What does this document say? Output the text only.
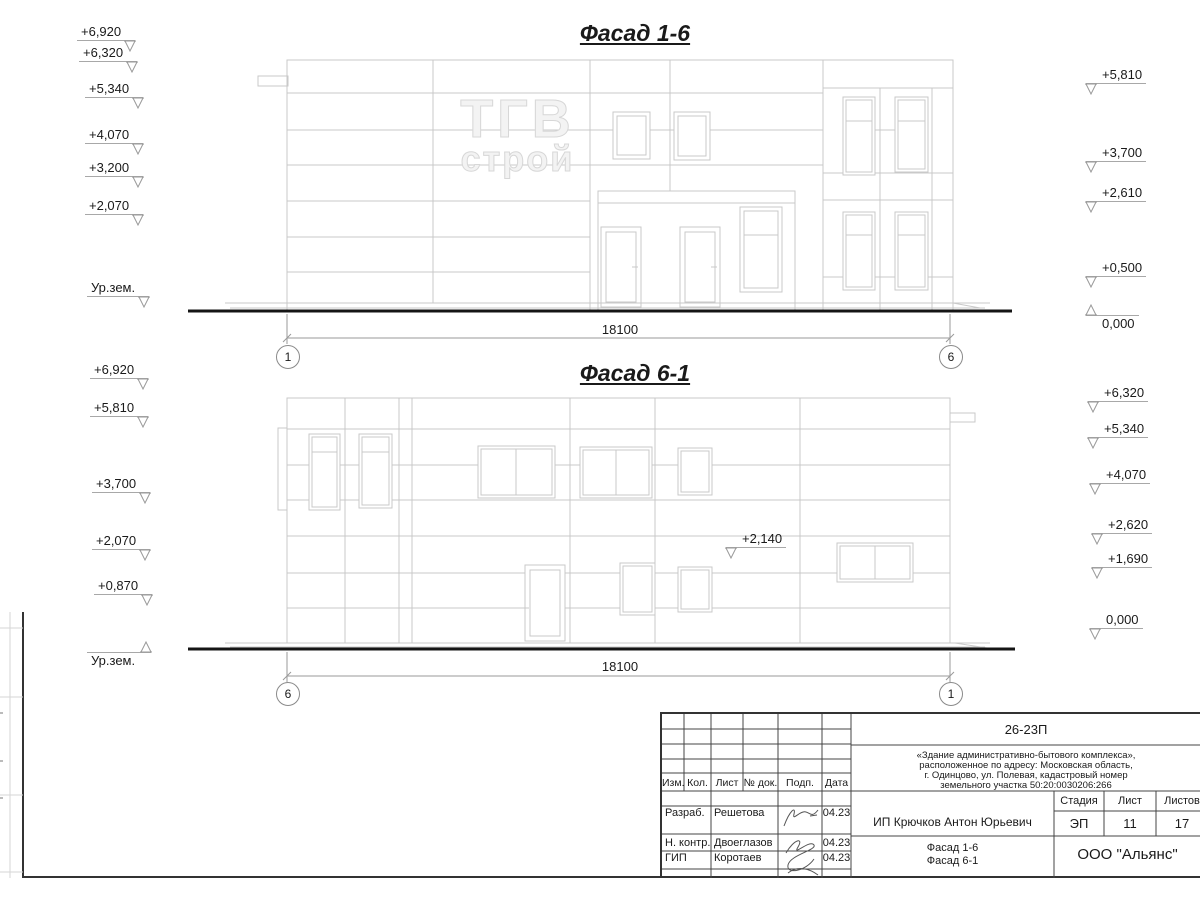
Фасад 1-6
ТГВ
строй
18100
1	6
+6,920
+6,320
+5,340
+4,070
+3,200
+2,070
Ур.зем.
+5,810
+3,700
+2,610
+0,500
0,000
Фасад 6-1
18100
6	1
+2,140
+6,920
+5,810
+3,700
+2,070
+0,870
Ур.зем.
+6,320
+5,340
+4,070
+2,620
+1,690
0,000
Изм. Кол. Лист № док. Подп.	Дата
Разраб. Решетова	04.23
Н. контр. Двоеглазов	04.23
ГИП Коротаев	04.23
26-23П
«Здание административно-бытового комплекса»,
расположенное по адресу: Московская область,
г. Одинцово, ул. Полевая, кадастровый номер
земельного участка 50:20:0030206:266
ИП Крючков Антон Юрьевич
Стадия	Лист	Листов
ЭП	11	17
Фасад 1-6
Фасад 6-1	ООО "Альянс"
